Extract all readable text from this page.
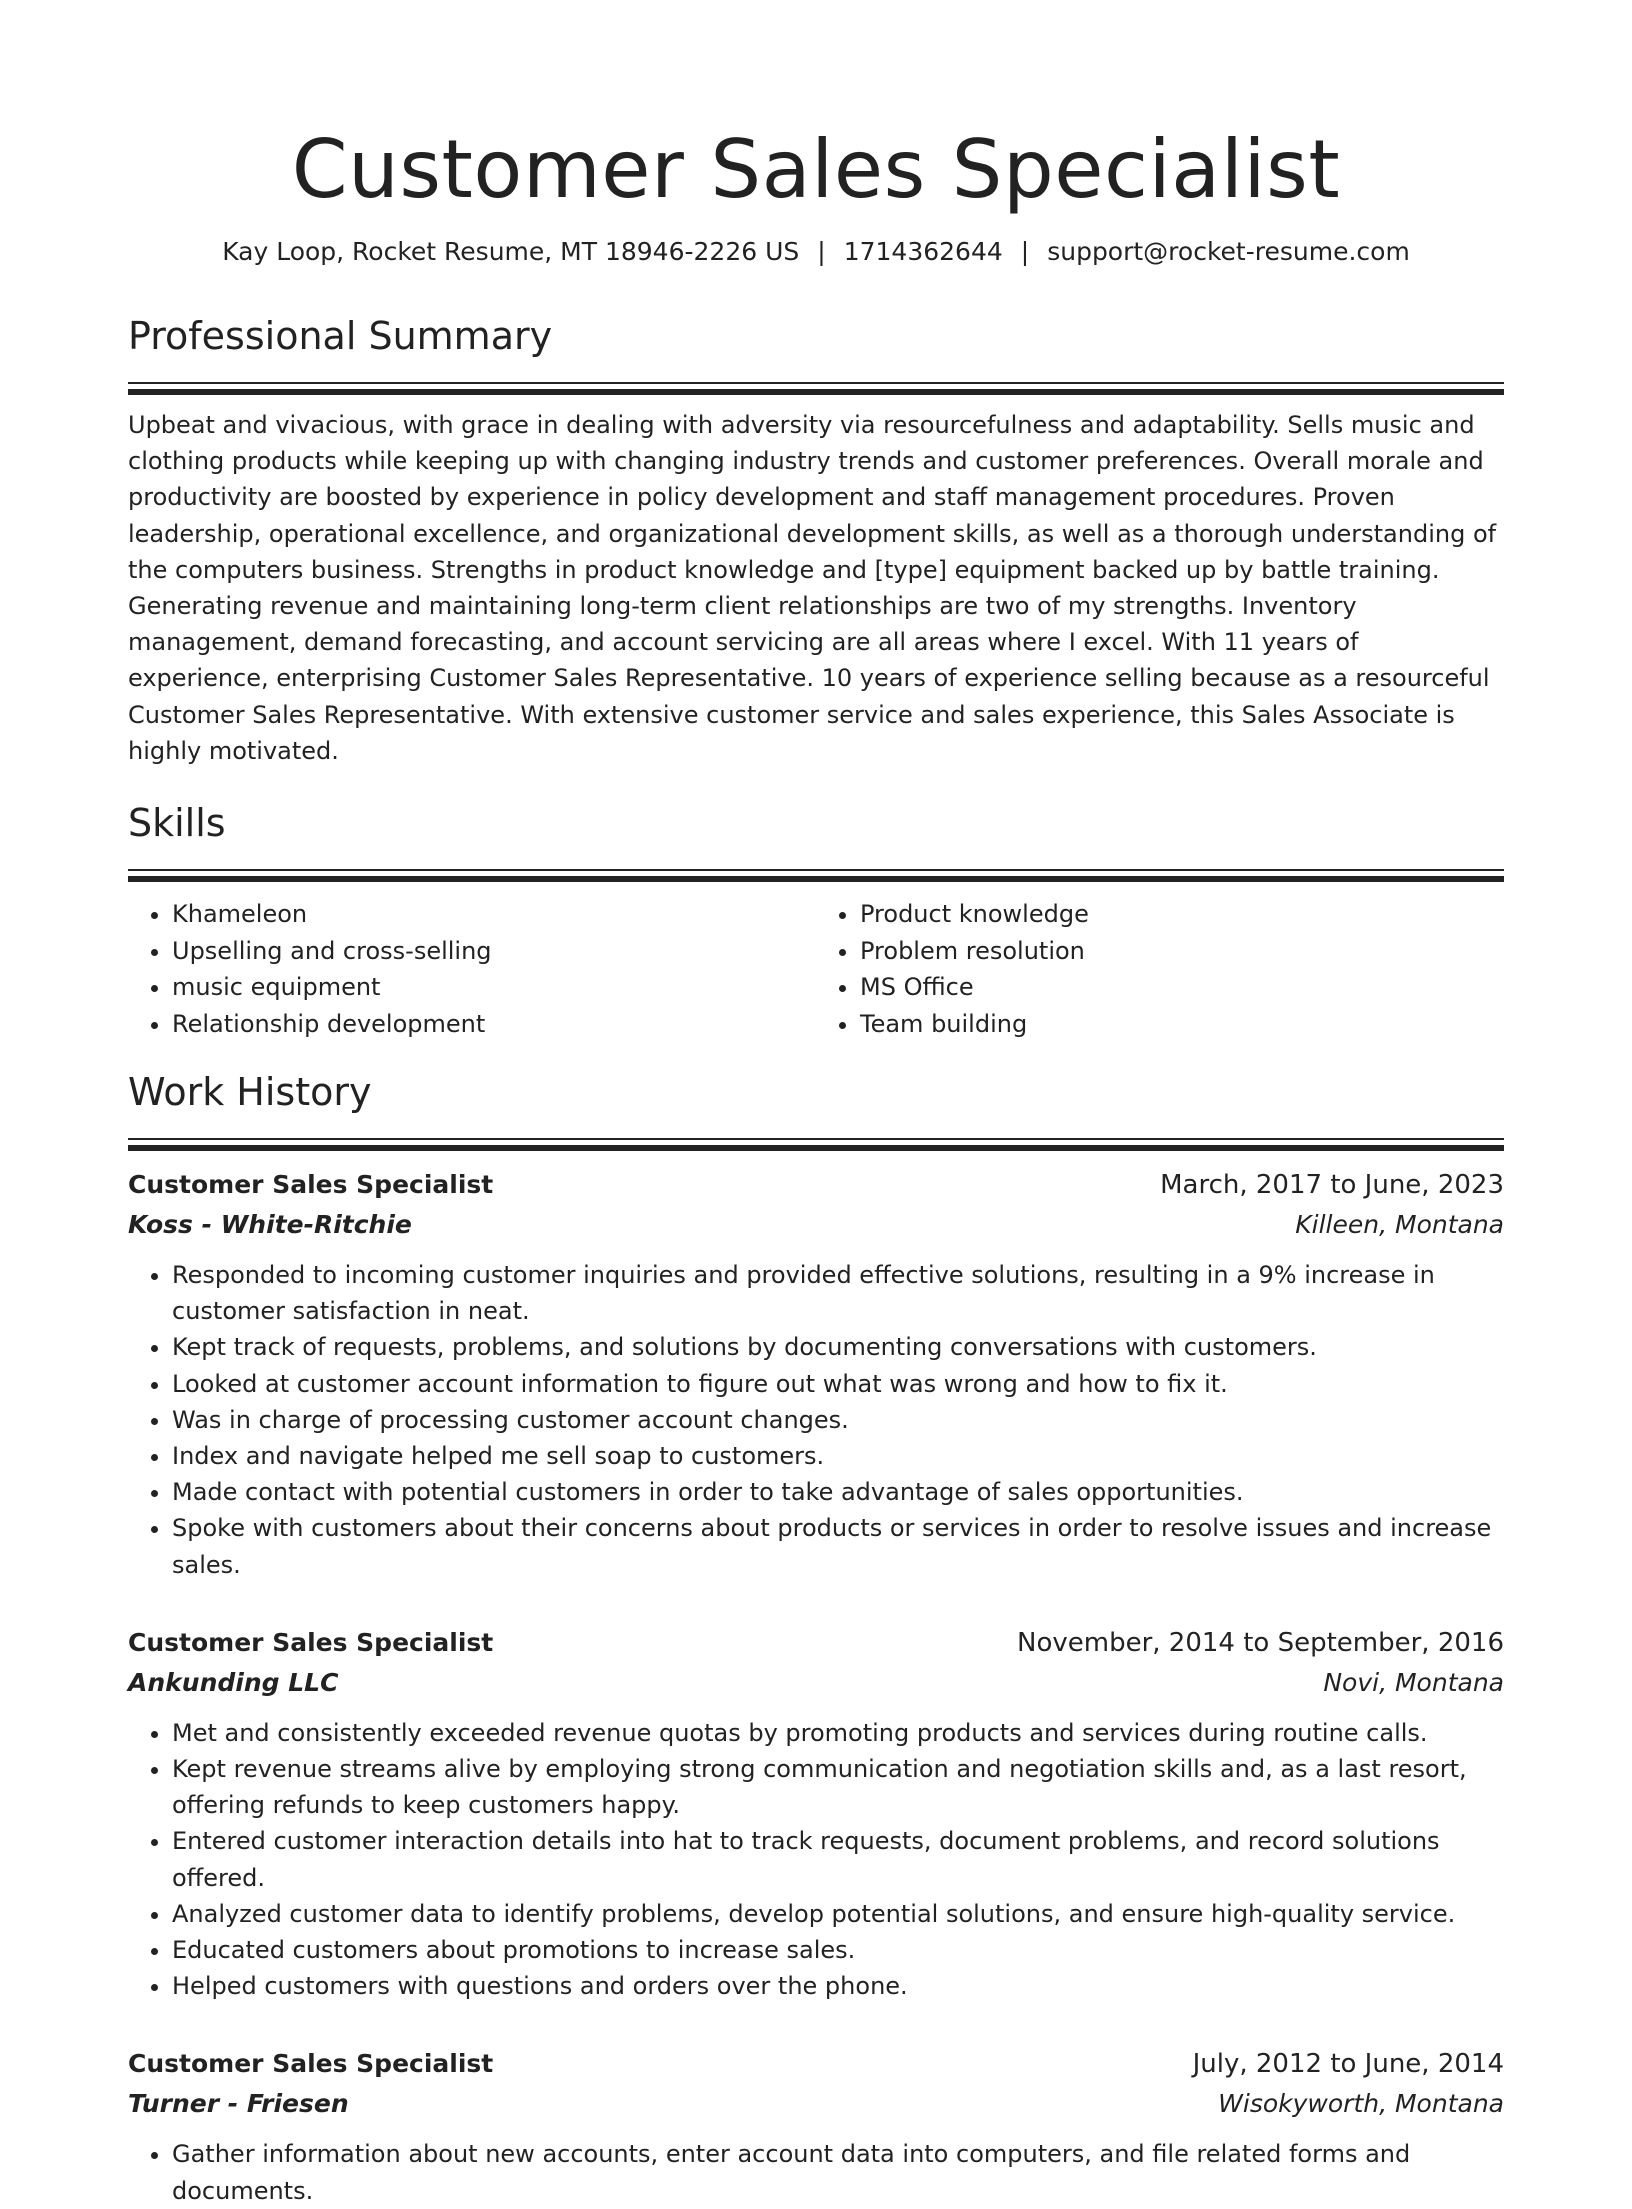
Customer Sales Specialist
Kay Loop, Rocket Resume, MT 18946-2226 US | 1714362644 | support@rocket-resume.com
Professional Summary

Upbeat and vivacious, with grace in dealing with adversity via resourcefulness and adaptability. Sells music and clothing products while keeping up with changing industry trends and customer preferences. Overall morale and productivity are boosted by experience in policy development and staff management procedures. Proven leadership, operational excellence, and organizational development skills, as well as a thorough understanding of the computers business. Strengths in product knowledge and [type] equipment backed up by battle training. Generating revenue and maintaining long-term client relationships are two of my strengths. Inventory management, demand forecasting, and account servicing are all areas where I excel. With 11 years of experience, enterprising Customer Sales Representative. 10 years of experience selling because as a resourceful Customer Sales Representative. With extensive customer service and sales experience, this Sales Associate is highly motivated.

Skills
• Khameleon
• Upselling and cross-selling
• music equipment
• Relationship development
• Product knowledge
• Problem resolution
• MS Office
• Team building
Work History
Customer Sales Specialist	March, 2017 to June, 2023
Koss - White-Ritchie	Killeen, Montana
• Responded to incoming customer inquiries and provided effective solutions, resulting in a 9% increase in customer satisfaction in neat.
• Kept track of requests, problems, and solutions by documenting conversations with customers.
• Looked at customer account information to figure out what was wrong and how to fix it.
• Was in charge of processing customer account changes.
• Index and navigate helped me sell soap to customers.
• Made contact with potential customers in order to take advantage of sales opportunities.
• Spoke with customers about their concerns about products or services in order to resolve issues and increase sales.
Customer Sales Specialist	November, 2014 to September, 2016
Ankunding LLC	Novi, Montana
• Met and consistently exceeded revenue quotas by promoting products and services during routine calls.
• Kept revenue streams alive by employing strong communication and negotiation skills and, as a last resort, offering refunds to keep customers happy.
• Entered customer interaction details into hat to track requests, document problems, and record solutions offered.
• Analyzed customer data to identify problems, develop potential solutions, and ensure high-quality service.
• Educated customers about promotions to increase sales.
• Helped customers with questions and orders over the phone.
Customer Sales Specialist	July, 2012 to June, 2014
Turner - Friesen	Wisokyworth, Montana
• Gather information about new accounts, enter account data into computers, and file related forms and documents.
